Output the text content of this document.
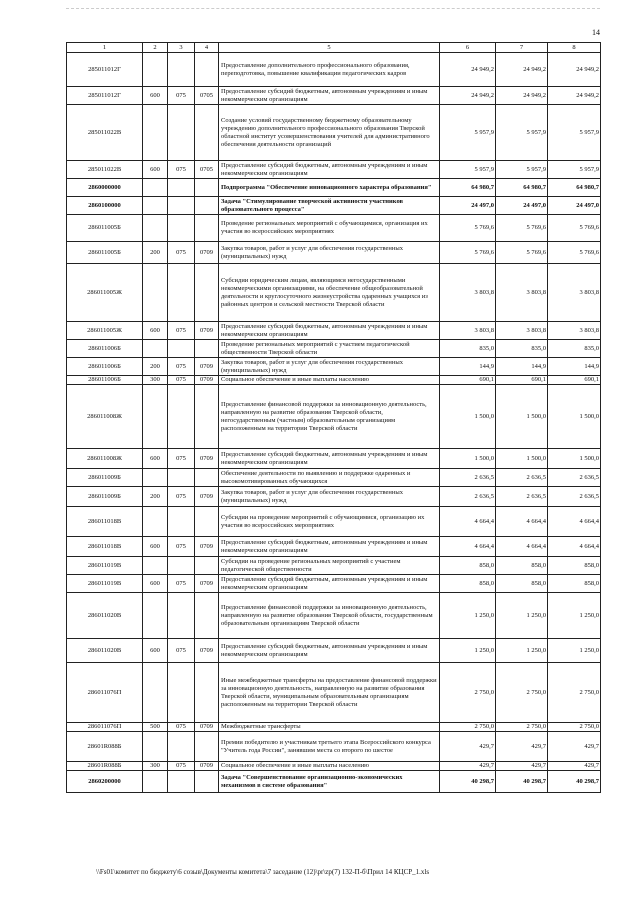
14
1	2	3	4	5	6	7	8
285011012Г				Предоставление дополнительного профессионального образования, переподготовка, повышение квалификации педагогических кадров	24 949,2	24 949,2	24 949,2
285011012Г	600	075	0705	Предоставление субсидий бюджетным, автономным учреждениям и иным некоммерческим организациям	24 949,2	24 949,2	24 949,2
285011022В				Создание условий государственному бюджетному образовательному учреждению дополнительного профессионального образования Тверской областной институт усовершенствования учителей для административного обеспечения деятельности организаций	5 957,9	5 957,9	5 957,9
285011022В	600	075	0705	Предоставление субсидий бюджетным, автономным учреждениям и иным некоммерческим организациям	5 957,9	5 957,9	5 957,9
2860000000				Подпрограмма "Обеспечение инновационного характера образования"	64 980,7	64 980,7	64 980,7
2860100000				Задача "Стимулирование творческой активности участников образовательного процесса"	24 497,0	24 497,0	24 497,0
286011005Б				Проведение региональных мероприятий с обучающимися, организация их участия во всероссийских мероприятиях	5 769,6	5 769,6	5 769,6
286011005Б	200	075	0709	Закупка товаров, работ и услуг для обеспечения государственных (муниципальных) нужд	5 769,6	5 769,6	5 769,6
286011005Ж				Субсидии юридическим лицам, являющимся негосударственными некоммерческими организациями, на обеспечение общеобразовательной деятельности и круглосуточного жизнеустройства одаренных учащихся из районных центров и сельской местности Тверской области	3 803,8	3 803,8	3 803,8
286011005Ж	600	075	0709	Предоставление субсидий бюджетным, автономным учреждениям и иным некоммерческим организациям	3 803,8	3 803,8	3 803,8
286011006Б				Проведение региональных мероприятий с участием педагогической общественности Тверской области	835,0	835,0	835,0
286011006Б	200	075	0709	Закупка товаров, работ и услуг для обеспечения государственных (муниципальных) нужд	144,9	144,9	144,9
286011006Б	300	075	0709	Социальное обеспечение и иные выплаты населению	690,1	690,1	690,1
286011008Ж				Предоставление финансовой поддержки за инновационную деятельность, направленную на развитие образования Тверской области, негосударственным (частным) образовательным организациям расположенным на территории Тверской области	1 500,0	1 500,0	1 500,0
286011008Ж	600	075	0709	Предоставление субсидий бюджетным, автономным учреждениям и иным некоммерческим организациям	1 500,0	1 500,0	1 500,0
286011009Б				Обеспечение деятельности по выявлению и поддержке одаренных и высокомотивированных обучающихся	2 636,5	2 636,5	2 636,5
286011009Б	200	075	0709	Закупка товаров, работ и услуг для обеспечения государственных (муниципальных) нужд	2 636,5	2 636,5	2 636,5
286011018В				Субсидии на проведение мероприятий с обучающимися, организацию их участия во всероссийских мероприятиях	4 664,4	4 664,4	4 664,4
286011018В	600	075	0709	Предоставление субсидий бюджетным, автономным учреждениям и иным некоммерческим организациям	4 664,4	4 664,4	4 664,4
286011019В				Субсидии на проведение региональных мероприятий с участием педагогической общественности	858,0	858,0	858,0
286011019В	600	075	0709	Предоставление субсидий бюджетным, автономным учреждениям и иным некоммерческим организациям	858,0	858,0	858,0
286011020В				Предоставление финансовой поддержки за инновационную деятельность, направленную на развитие образования Тверской области, государственным образовательным организациям Тверской области	1 250,0	1 250,0	1 250,0
286011020В	600	075	0709	Предоставление субсидий бюджетным, автономным учреждениям и иным некоммерческим организациям	1 250,0	1 250,0	1 250,0
286011076П				Иные межбюджетные трансферты на предоставление финансовой поддержки за инновационную деятельность, направленную на развитие образования Тверской области, муниципальным образовательным организациям расположенным на территории Тверской области	2 750,0	2 750,0	2 750,0
286011076П	500	075	0709	Межбюджетные трансферты	2 750,0	2 750,0	2 750,0
28601R088Б				Премии победителю и участникам третьего этапа Всероссийского конкурса "Учитель года России", занявшим места со второго по шестое	429,7	429,7	429,7
28601R088Б	300	075	0709	Социальное обеспечение и иные выплаты населению	429,7	429,7	429,7
2860200000				Задача "Совершенствование организационно-экономических механизмов в системе образования"	40 298,7	40 298,7	40 298,7
\\Fs01\комитет по бюджету\6 созыв\Документы комитета\7 заседание (12)\pr\zp(7) 132-П-б\Прил 14 КЦСР_1.xls
